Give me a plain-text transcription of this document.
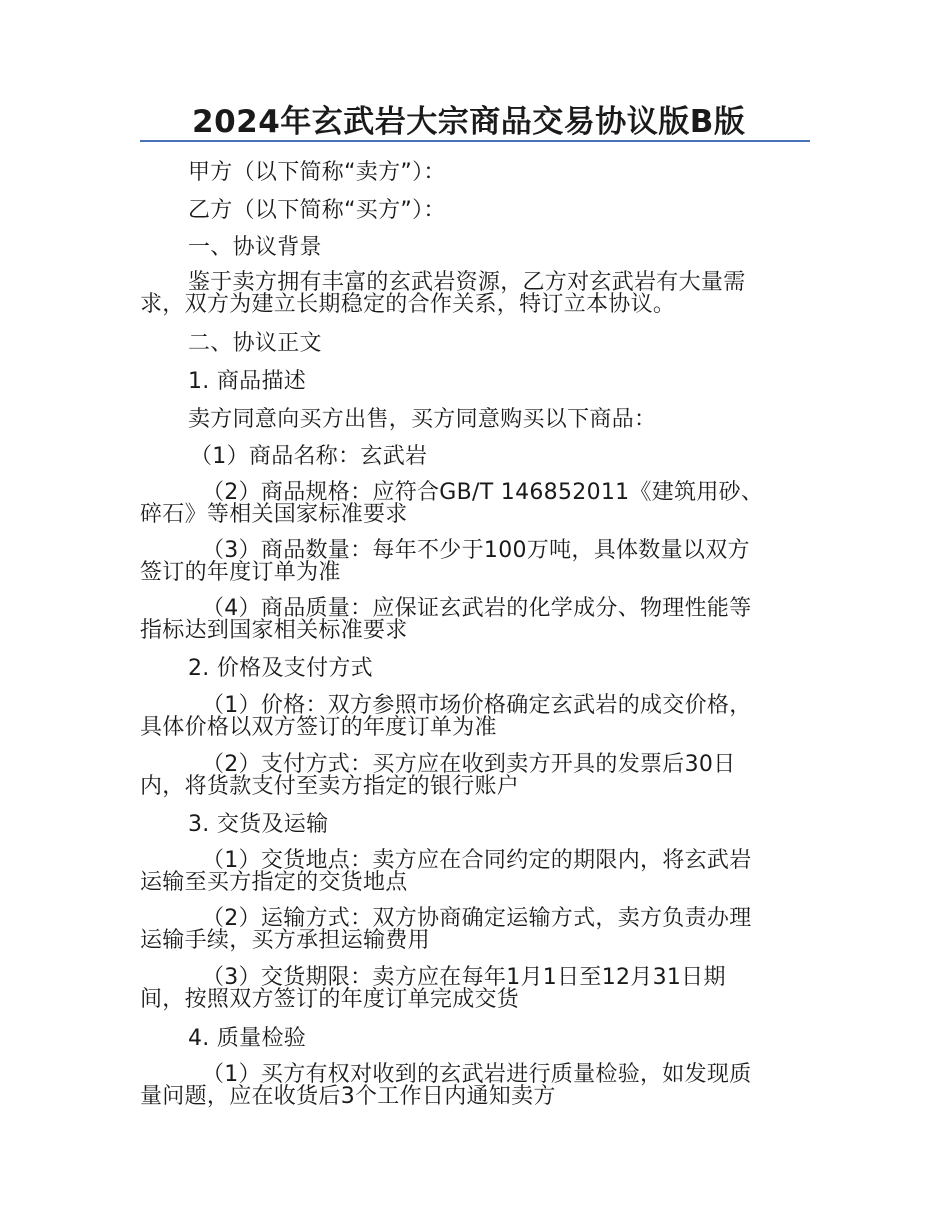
2024年玄武岩大宗商品交易协议版B版
甲方（以下简称“卖方”）：
乙方（以下简称“买方”）：
一、协议背景
鉴于卖方拥有丰富的玄武岩资源，乙方对玄武岩有大量需
求，双方为建立长期稳定的合作关系，特订立本协议。
二、协议正文
1. 商品描述
卖方同意向买方出售，买方同意购买以下商品：
（1）商品名称：玄武岩
（2）商品规格：应符合GB/T 146852011《建筑用砂、
碎石》等相关国家标准要求
（3）商品数量：每年不少于100万吨，具体数量以双方
签订的年度订单为准
（4）商品质量：应保证玄武岩的化学成分、物理性能等
指标达到国家相关标准要求
2. 价格及支付方式
（1）价格：双方参照市场价格确定玄武岩的成交价格，
具体价格以双方签订的年度订单为准
（2）支付方式：买方应在收到卖方开具的发票后30日
内，将货款支付至卖方指定的银行账户
3. 交货及运输
（1）交货地点：卖方应在合同约定的期限内，将玄武岩
运输至买方指定的交货地点
（2）运输方式：双方协商确定运输方式，卖方负责办理
运输手续，买方承担运输费用
（3）交货期限：卖方应在每年1月1日至12月31日期
间，按照双方签订的年度订单完成交货
4. 质量检验
（1）买方有权对收到的玄武岩进行质量检验，如发现质
量问题，应在收货后3个工作日内通知卖方
